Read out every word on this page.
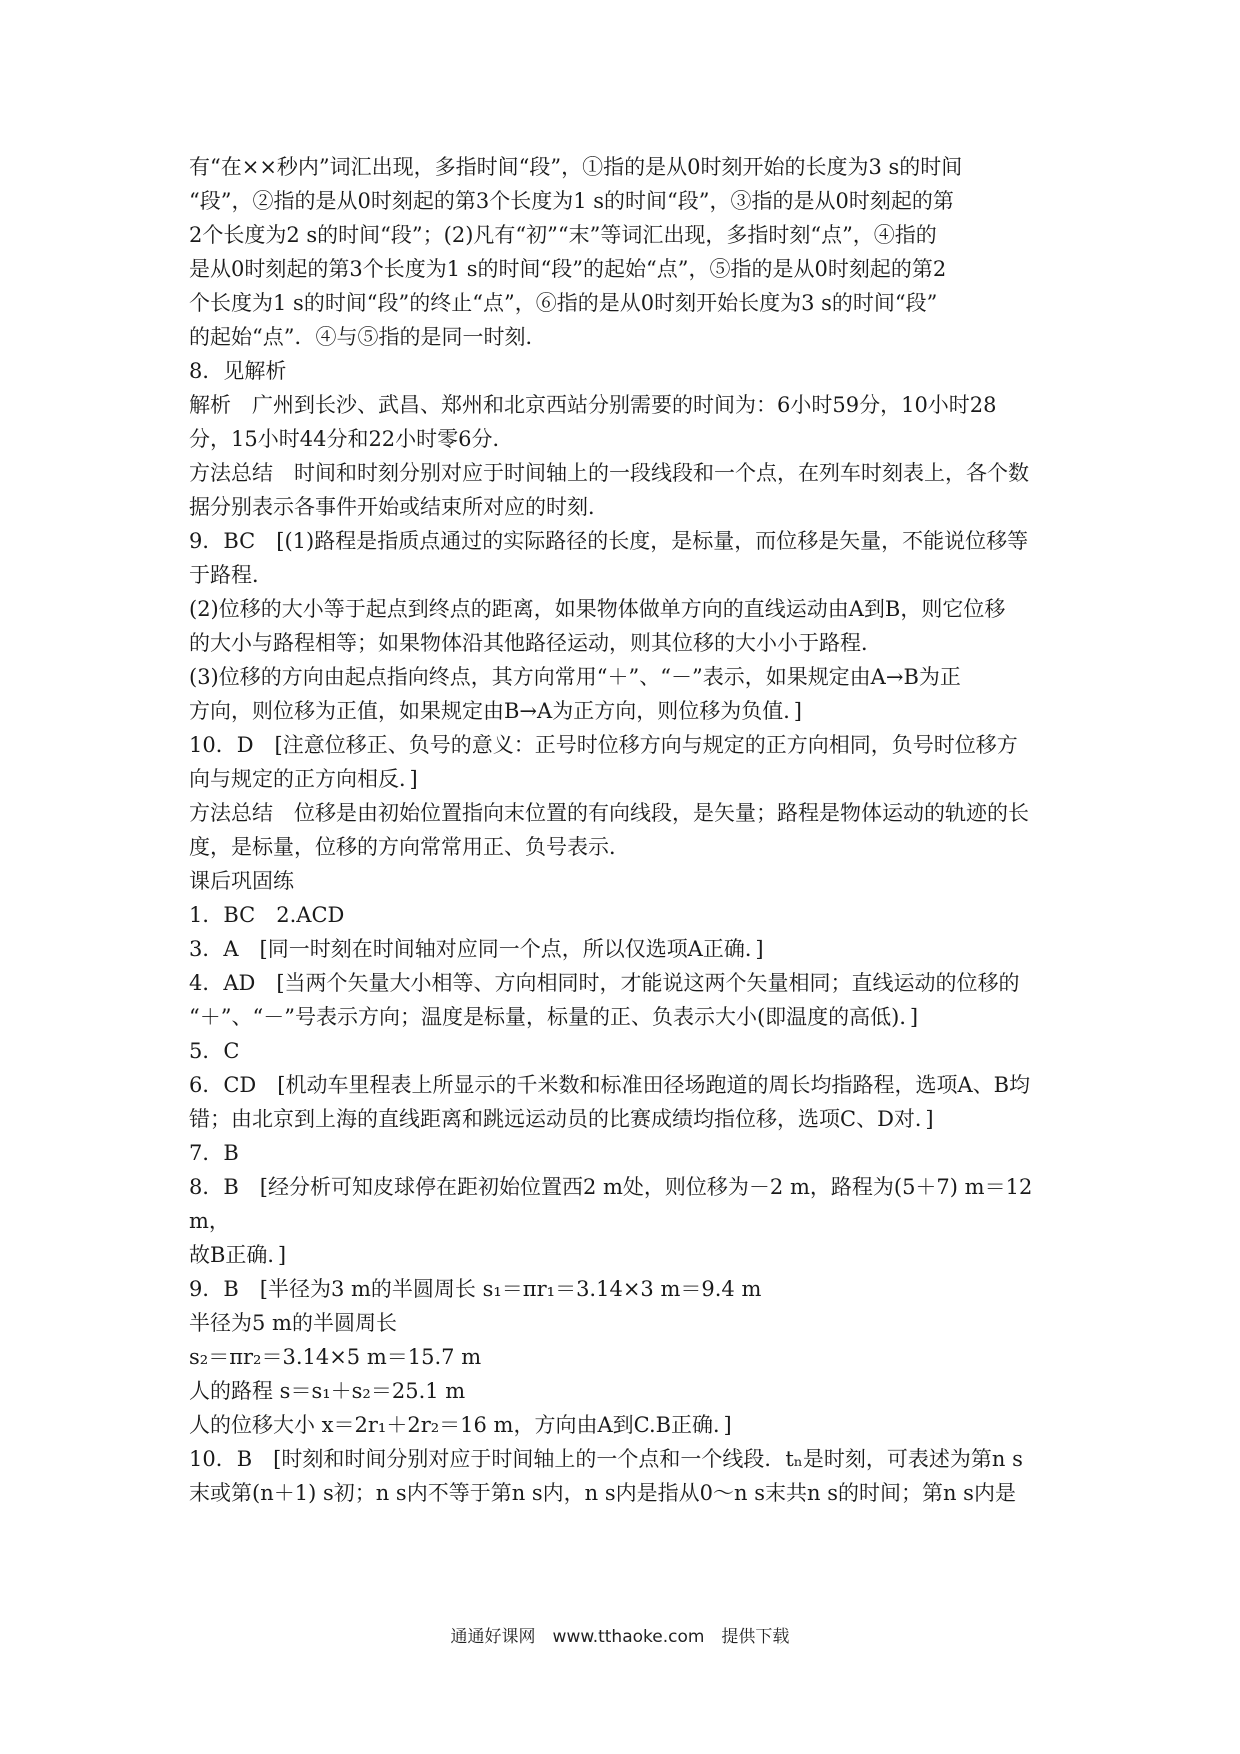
有“在××秒内”词汇出现，多指时间“段”，①指的是从0时刻开始的长度为3 s的时间

“段”，②指的是从0时刻起的第3个长度为1 s的时间“段”，③指的是从0时刻起的第

2个长度为2 s的时间“段”；(2)凡有“初”“末”等词汇出现，多指时刻“点”，④指的

是从0时刻起的第3个长度为1 s的时间“段”的起始“点”，⑤指的是从0时刻起的第2

个长度为1 s的时间“段”的终止“点”，⑥指的是从0时刻开始长度为3 s的时间“段”

的起始“点”．④与⑤指的是同一时刻．

8．见解析

解析　广州到长沙、武昌、郑州和北京西站分别需要的时间为：6小时59分，10小时28

分，15小时44分和22小时零6分．

方法总结　时间和时刻分别对应于时间轴上的一段线段和一个点，在列车时刻表上，各个数

据分别表示各事件开始或结束所对应的时刻．

9．BC　[(1)路程是指质点通过的实际路径的长度，是标量，而位移是矢量，不能说位移等

于路程．

(2)位移的大小等于起点到终点的距离，如果物体做单方向的直线运动由A到B，则它位移

的大小与路程相等；如果物体沿其他路径运动，则其位移的大小小于路程．

(3)位移的方向由起点指向终点，其方向常用“＋”、“－”表示，如果规定由A→B为正

方向，则位移为正值，如果规定由B→A为正方向，则位移为负值．]

10．D　[注意位移正、负号的意义：正号时位移方向与规定的正方向相同，负号时位移方

向与规定的正方向相反．]

方法总结　位移是由初始位置指向末位置的有向线段，是矢量；路程是物体运动的轨迹的长

度，是标量，位移的方向常常用正、负号表示．

课后巩固练

1．BC　2.ACD

3．A　[同一时刻在时间轴对应同一个点，所以仅选项A正确．]

4．AD　[当两个矢量大小相等、方向相同时，才能说这两个矢量相同；直线运动的位移的

“＋”、“－”号表示方向；温度是标量，标量的正、负表示大小(即温度的高低)．]

5．C

6．CD　[机动车里程表上所显示的千米数和标准田径场跑道的周长均指路程，选项A、B均

错；由北京到上海的直线距离和跳远运动员的比赛成绩均指位移，选项C、D对．]

7．B

8．B　[经分析可知皮球停在距初始位置西2 m处，则位移为－2 m，路程为(5＋7) m＝12 m，

故B正确．]

9．B　[半径为3 m的半圆周长 s₁＝πr₁＝3.14×3 m＝9.4 m

半径为5 m的半圆周长

s₂＝πr₂＝3.14×5 m＝15.7 m

人的路程 s＝s₁＋s₂＝25.1 m

人的位移大小 x＝2r₁＋2r₂＝16 m，方向由A到C.B正确．]

10．B　[时刻和时间分别对应于时间轴上的一个点和一个线段．tₙ是时刻，可表述为第n s

末或第(n＋1) s初；n s内不等于第n s内，n s内是指从0～n s末共n s的时间；第n s内是

通通好课网　www.tthaoke.com　提供下载
